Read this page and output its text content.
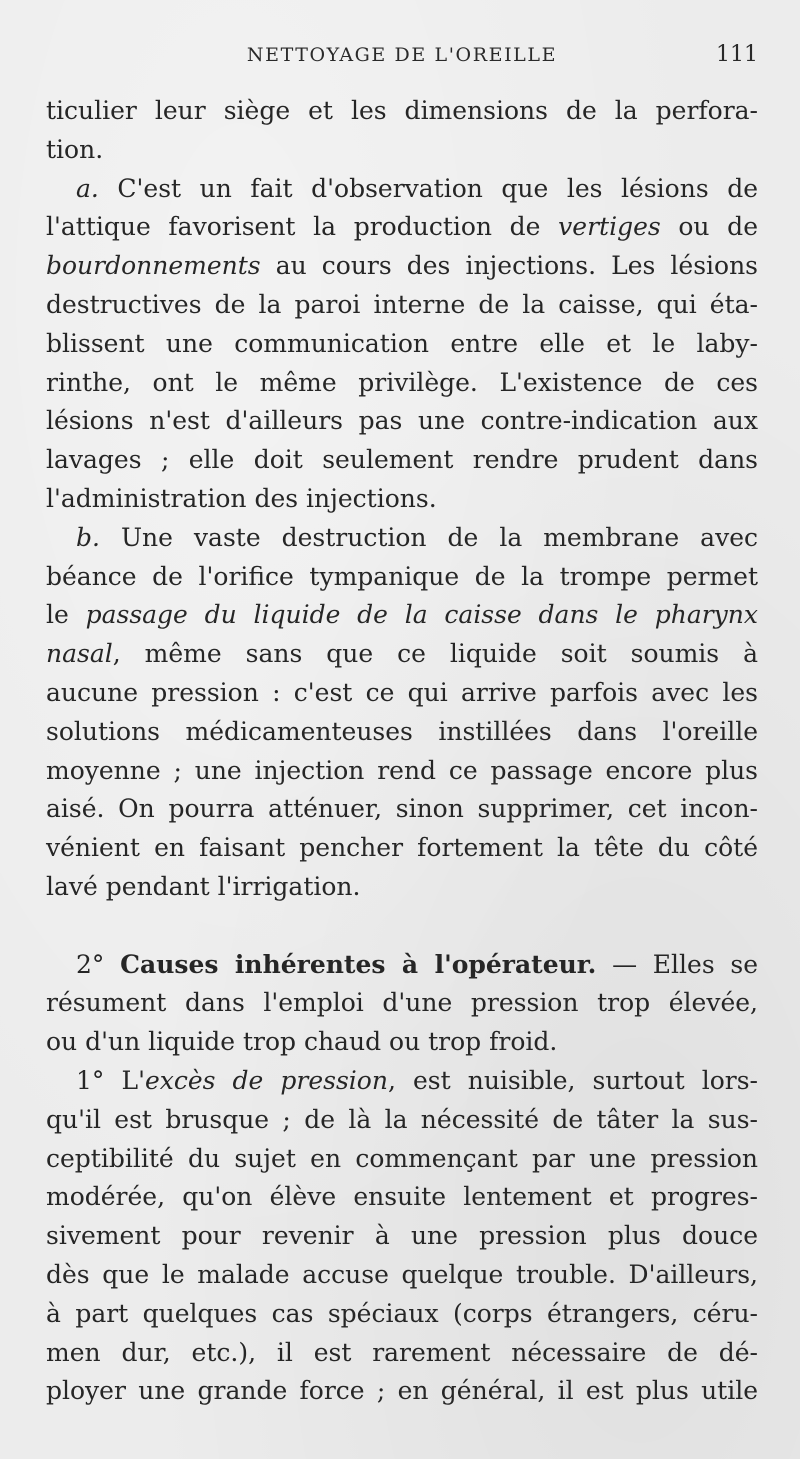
NETTOYAGE DE L'OREILLE	111
ticulier leur siège et les dimensions de la perfora-
tion.
a. C'est un fait d'observation que les lésions de
l'attique favorisent la production de vertiges ou de
bourdonnements au cours des injections. Les lésions
destructives de la paroi interne de la caisse, qui éta-
blissent une communication entre elle et le laby-
rinthe, ont le même privilège. L'existence de ces
lésions n'est d'ailleurs pas une contre-indication aux
lavages ; elle doit seulement rendre prudent dans
l'administration des injections.
b. Une vaste destruction de la membrane avec
béance de l'orifice tympanique de la trompe permet
le passage du liquide de la caisse dans le pharynx
nasal, même sans que ce liquide soit soumis à
aucune pression : c'est ce qui arrive parfois avec les
solutions médicamenteuses instillées dans l'oreille
moyenne ; une injection rend ce passage encore plus
aisé. On pourra atténuer, sinon supprimer, cet incon-
vénient en faisant pencher fortement la tête du côté
lavé pendant l'irrigation.
2° Causes inhérentes à l'opérateur. — Elles se
résument dans l'emploi d'une pression trop élevée,
ou d'un liquide trop chaud ou trop froid.
1° L'excès de pression, est nuisible, surtout lors-
qu'il est brusque ; de là la nécessité de tâter la sus-
ceptibilité du sujet en commençant par une pression
modérée, qu'on élève ensuite lentement et progres-
sivement pour revenir à une pression plus douce
dès que le malade accuse quelque trouble. D'ailleurs,
à part quelques cas spéciaux (corps étrangers, céru-
men dur, etc.), il est rarement nécessaire de dé-
ployer une grande force ; en général, il est plus utile
